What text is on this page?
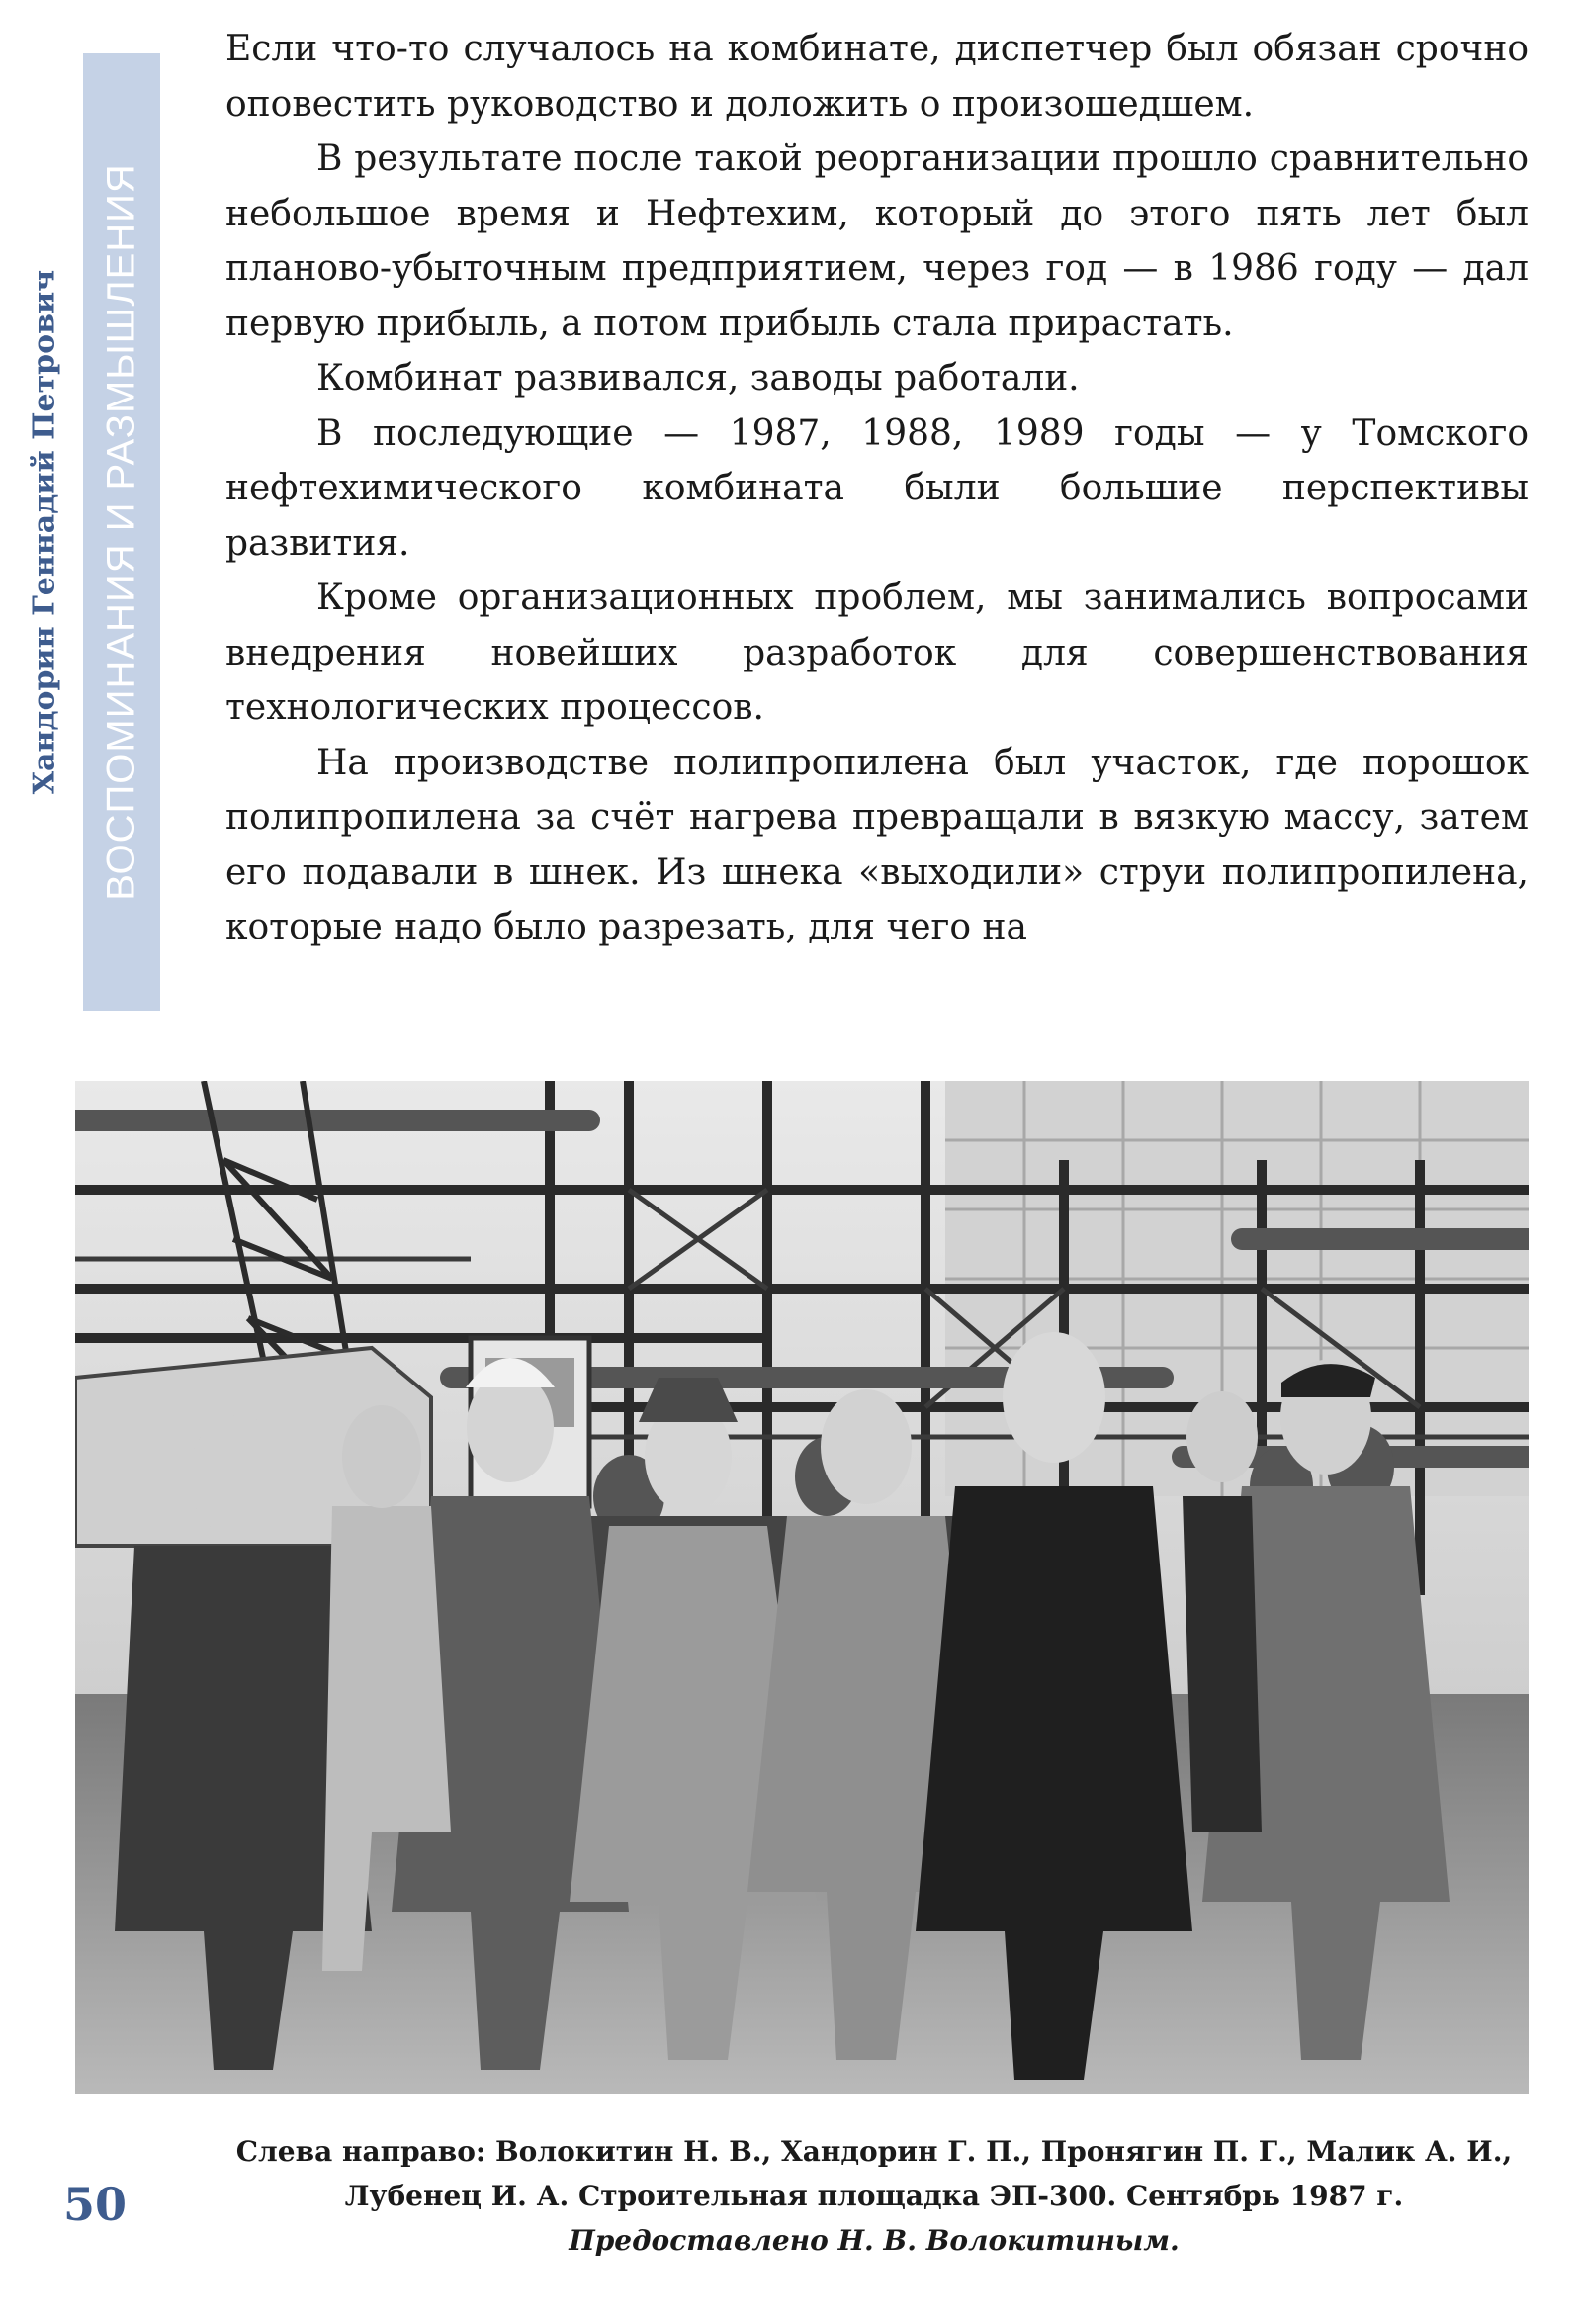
ВОСПОМИНАНИЯ И РАЗМЫШЛЕНИЯ
Хандорин Геннадий Петрович

Если что-то случалось на комбинате, диспетчер был обязан срочно оповестить руководство и доложить о произошедшем.

В результате после такой реорганизации прошло сравнительно небольшое время и Нефтехим, который до этого пять лет был планово-убыточным предприятием, через год — в 1986 году — дал первую прибыль, а потом прибыль стала прирастать.

Комбинат развивался, заводы работали.

В последующие — 1987, 1988, 1989 годы — у Томского нефтехимического комбината были большие перспективы развития.

Кроме организационных проблем, мы занимались вопросами внедрения новейших разработок для совершенствования технологических процессов.

На производстве полипропилена был участок, где порошок полипропилена за счёт нагрева превращали в вязкую массу, затем его подавали в шнек. Из шнека «выходили» струи полипропилена, которые надо было разрезать, для чего на

Слева направо: Волокитин Н. В., Хандорин Г. П., Пронягин П. Г., Малик А. И.,
Лубенец И. А. Строительная площадка ЭП-300. Сентябрь 1987 г.
Предоставлено Н. В. Волокитиным.
50
